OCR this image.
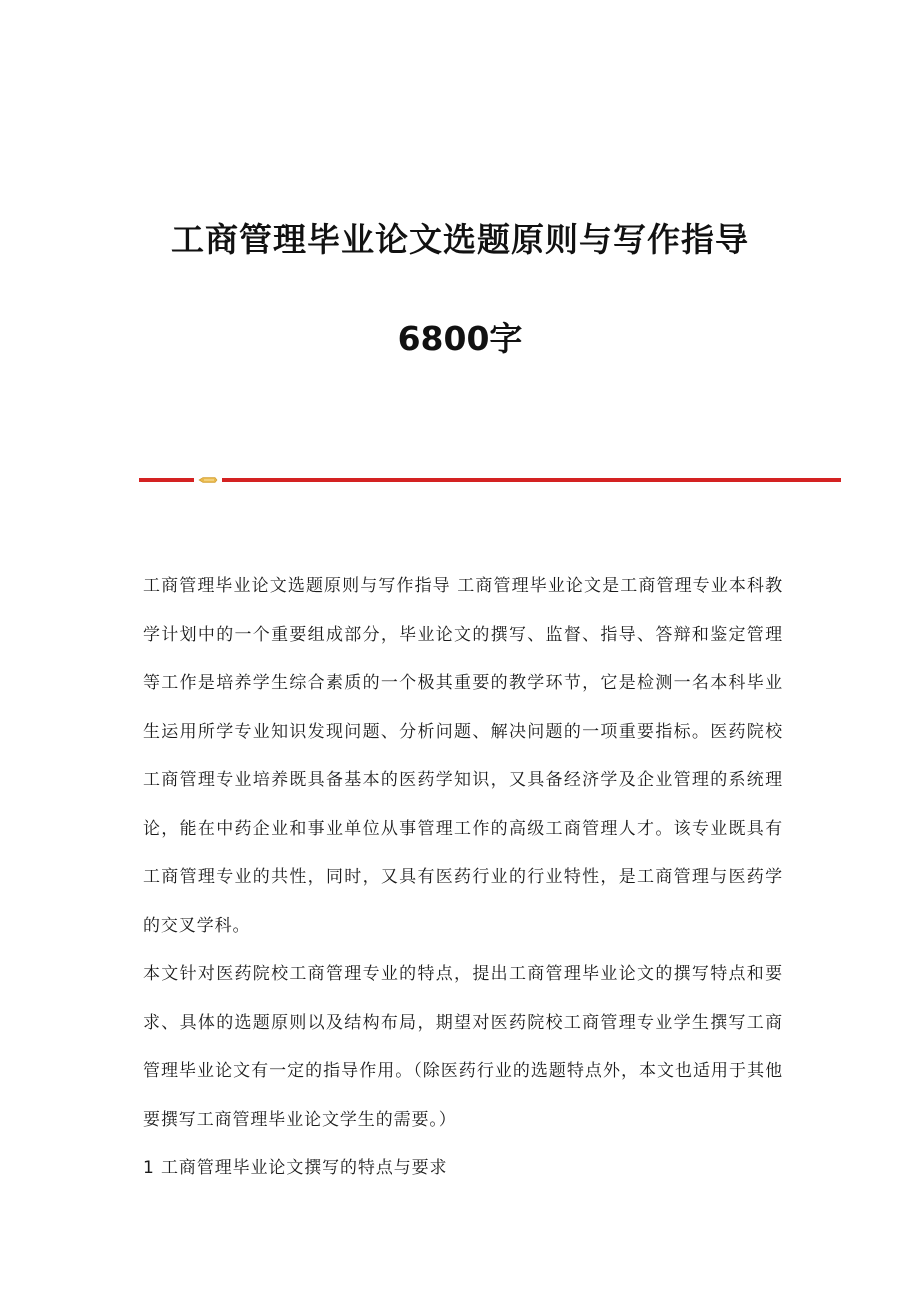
工商管理毕业论文选题原则与写作指导
6800字

工商管理毕业论文选题原则与写作指导 工商管理毕业论文是工商管理专业本科教学计划中的一个重要组成部分，毕业论文的撰写、监督、指导、答辩和鉴定管理等工作是培养学生综合素质的一个极其重要的教学环节，它是检测一名本科毕业生运用所学专业知识发现问题、分析问题、解决问题的一项重要指标。医药院校工商管理专业培养既具备基本的医药学知识，又具备经济学及企业管理的系统理论，能在中药企业和事业单位从事管理工作的高级工商管理人才。该专业既具有工商管理专业的共性，同时，又具有医药行业的行业特性，是工商管理与医药学的交叉学科。

本文针对医药院校工商管理专业的特点，提出工商管理毕业论文的撰写特点和要求、具体的选题原则以及结构布局，期望对医药院校工商管理专业学生撰写工商管理毕业论文有一定的指导作用。（除医药行业的选题特点外，本文也适用于其他要撰写工商管理毕业论文学生的需要。）

1 工商管理毕业论文撰写的特点与要求
